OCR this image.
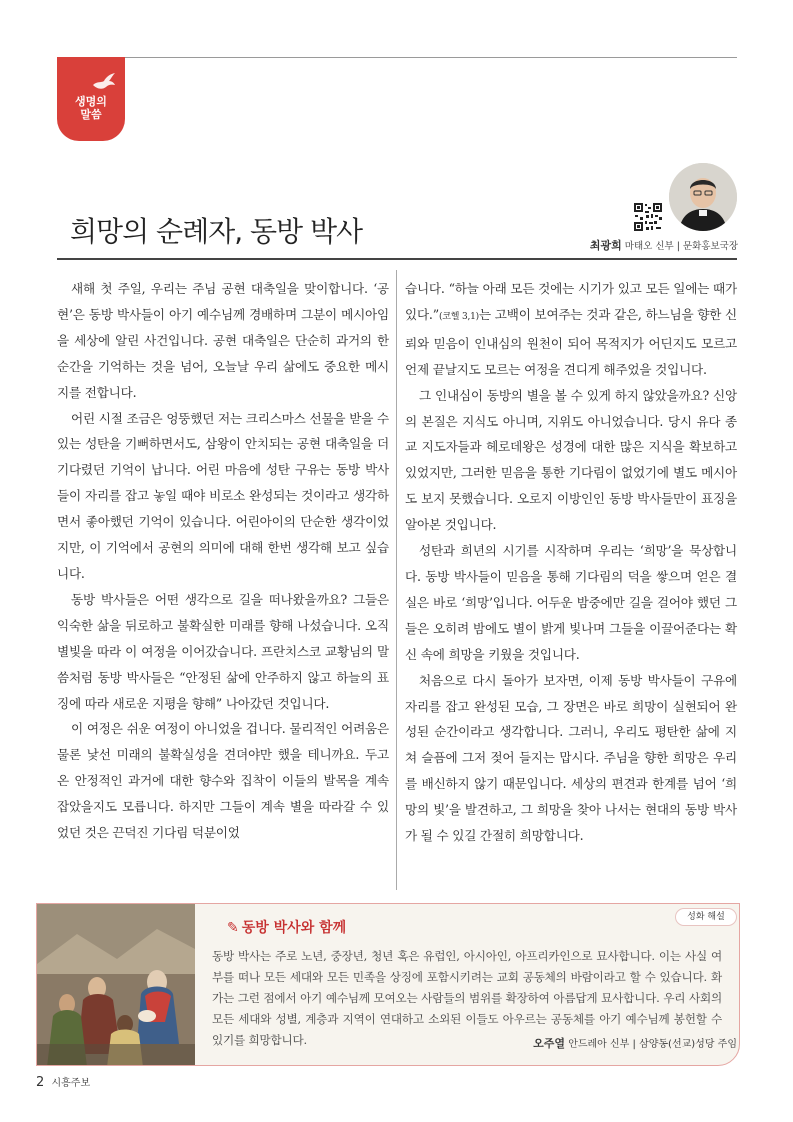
생명의
말씀
희망의 순례자, 동방 박사	최광희 마태오 신부 | 문화홍보국장

새해 첫 주일, 우리는 주님 공현 대축일을 맞이합니다. ‘공현’은 동방 박사들이 아기 예수님께 경배하며 그분이 메시아임을 세상에 알린 사건입니다. 공현 대축일은 단순히 과거의 한순간을 기억하는 것을 넘어, 오늘날 우리 삶에도 중요한 메시지를 전합니다.

어린 시절 조금은 엉뚱했던 저는 크리스마스 선물을 받을 수 있는 성탄을 기뻐하면서도, 삼왕이 안치되는 공현 대축일을 더 기다렸던 기억이 납니다. 어린 마음에 성탄 구유는 동방 박사들이 자리를 잡고 놓일 때야 비로소 완성되는 것이라고 생각하면서 좋아했던 기억이 있습니다. 어린아이의 단순한 생각이었지만, 이 기억에서 공현의 의미에 대해 한번 생각해 보고 싶습니다.

동방 박사들은 어떤 생각으로 길을 떠나왔을까요? 그들은 익숙한 삶을 뒤로하고 불확실한 미래를 향해 나섰습니다. 오직 별빛을 따라 이 여정을 이어갔습니다. 프란치스코 교황님의 말씀처럼 동방 박사들은 “안정된 삶에 안주하지 않고 하늘의 표징에 따라 새로운 지평을 향해” 나아갔던 것입니다.

이 여정은 쉬운 여정이 아니었을 겁니다. 물리적인 어려움은 물론 낯선 미래의 불확실성을 견뎌야만 했을 테니까요. 두고 온 안정적인 과거에 대한 향수와 집착이 이들의 발목을 계속 잡았을지도 모릅니다. 하지만 그들이 계속 별을 따라갈 수 있었던 것은 끈덕진 기다림 덕분이었

습니다. “하늘 아래 모든 것에는 시기가 있고 모든 일에는 때가 있다.”(코헬 3,1)는 고백이 보여주는 것과 같은, 하느님을 향한 신뢰와 믿음이 인내심의 원천이 되어 목적지가 어딘지도 모르고 언제 끝날지도 모르는 여정을 견디게 해주었을 것입니다.

그 인내심이 동방의 별을 볼 수 있게 하지 않았을까요? 신앙의 본질은 지식도 아니며, 지위도 아니었습니다. 당시 유다 종교 지도자들과 헤로데왕은 성경에 대한 많은 지식을 확보하고 있었지만, 그러한 믿음을 통한 기다림이 없었기에 별도 메시아도 보지 못했습니다. 오로지 이방인인 동방 박사들만이 표징을 알아본 것입니다.

성탄과 희년의 시기를 시작하며 우리는 ‘희망’을 묵상합니다. 동방 박사들이 믿음을 통해 기다림의 덕을 쌓으며 얻은 결실은 바로 ‘희망’입니다. 어두운 밤중에만 길을 걸어야 했던 그들은 오히려 밤에도 별이 밝게 빛나며 그들을 이끌어준다는 확신 속에 희망을 키웠을 것입니다.

처음으로 다시 돌아가 보자면, 이제 동방 박사들이 구유에 자리를 잡고 완성된 모습, 그 장면은 바로 희망이 실현되어 완성된 순간이라고 생각합니다. 그러니, 우리도 평탄한 삶에 지쳐 슬픔에 그저 젖어 들지는 맙시다. 주님을 향한 희망은 우리를 배신하지 않기 때문입니다. 세상의 편견과 한계를 넘어 ‘희망의 빛’을 발견하고, 그 희망을 찾아 나서는 현대의 동방 박사가 될 수 있길 간절히 희망합니다.

성화 해설
✎ 동방 박사와 함께

동방 박사는 주로 노년, 중장년, 청년 혹은 유럽인, 아시아인, 아프리카인으로 묘사합니다. 이는 사실 여부를 떠나 모든 세대와 모든 민족을 상징에 포함시키려는 교회 공동체의 바람이라고 할 수 있습니다. 화가는 그런 점에서 아기 예수님께 모여오는 사람들의 범위를 확장하여 아름답게 묘사합니다. 우리 사회의 모든 세대와 성별, 계층과 지역이 연대하고 소외된 이들도 아우르는 공동체를 아기 예수님께 봉헌할 수 있기를 희망합니다.	오주열 안드레아 신부 | 삼양동(선교)성당 주임
2 시흥주보
